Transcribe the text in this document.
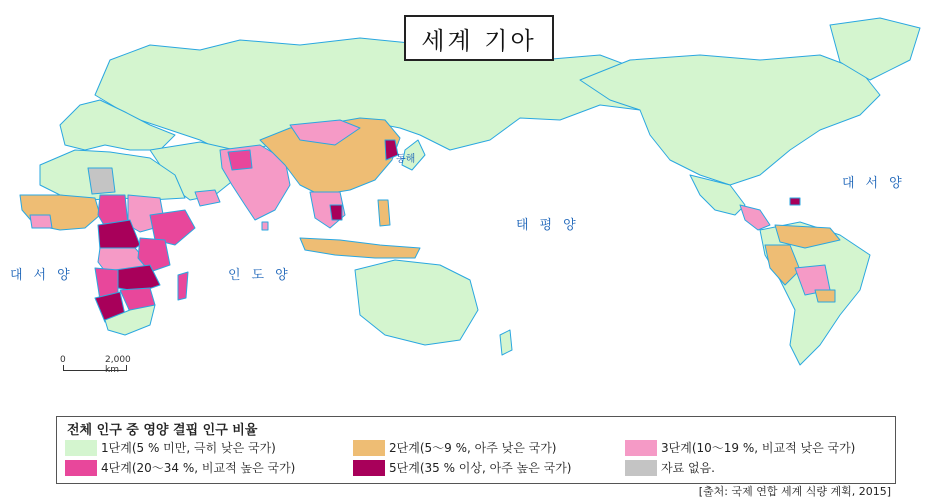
세계 기아
대서양	인도양
태평양
대서양
동해
0	2,000 km
전체 인구 중 영양 결핍 인구 비율
1단계(5 % 미만, 극히 낮은 국가)	2단계(5～9 %, 아주 낮은 국가)	3단계(10～19 %, 비교적 낮은 국가)
4단계(20～34 %, 비교적 높은 국가)	5단계(35 % 이상, 아주 높은 국가)	자료 없음.
[출처: 국제 연합 세계 식량 계획, 2015]
